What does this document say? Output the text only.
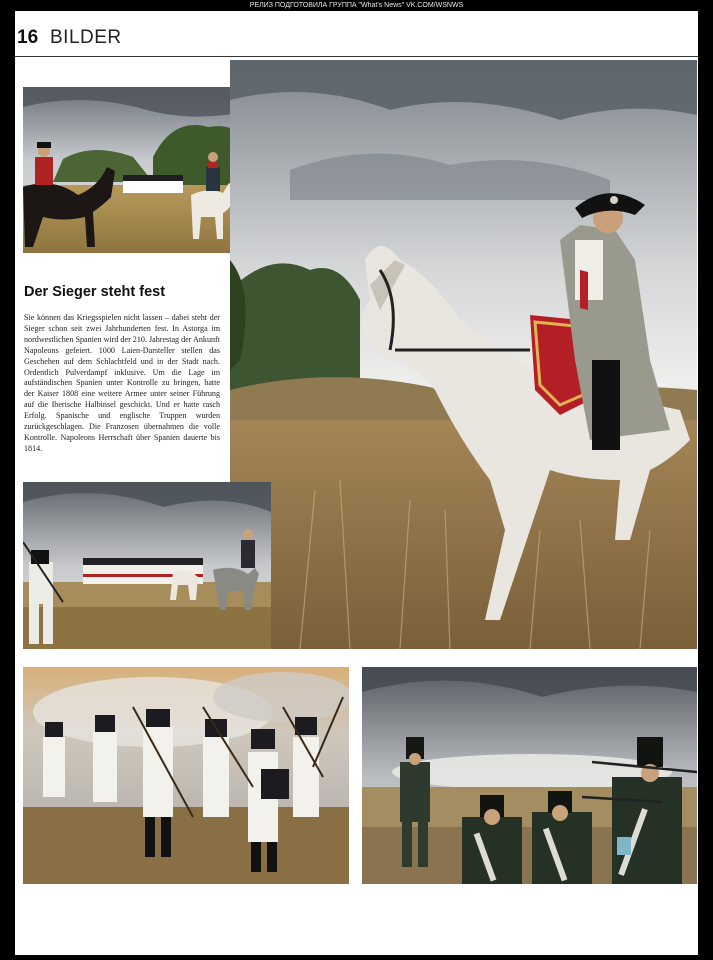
РЕЛИЗ ПОДГОТОВИЛА ГРУППА "What's News" VK.COM/WSNWS
16 BILDER
Der Sieger steht fest

Sie können das Kriegsspielen nicht lassen – dabei steht der Sieger schon seit zwei Jahrhunderten fest. In Astorga im nordwestlichen Spanien wird der 210. Jahrestag der Ankunft Napoleons gefeiert. 1000 Laien-Darsteller stellen das Geschehen auf dem Schlachtfeld und in der Stadt nach. Ordentlich Pulverdampf inklusive. Um die Lage im aufständischen Spanien unter Kontrolle zu bringen, hatte der Kaiser 1808 eine weitere Armee unter seiner Führung auf die Iberische Halbinsel geschickt. Und er hatte rasch Erfolg. Spanische und englische Truppen wurden zurückgeschlagen. Die Franzosen übernahmen die volle Kontrolle. Napoleons Herrschaft über Spanien dauerte bis 1814.
